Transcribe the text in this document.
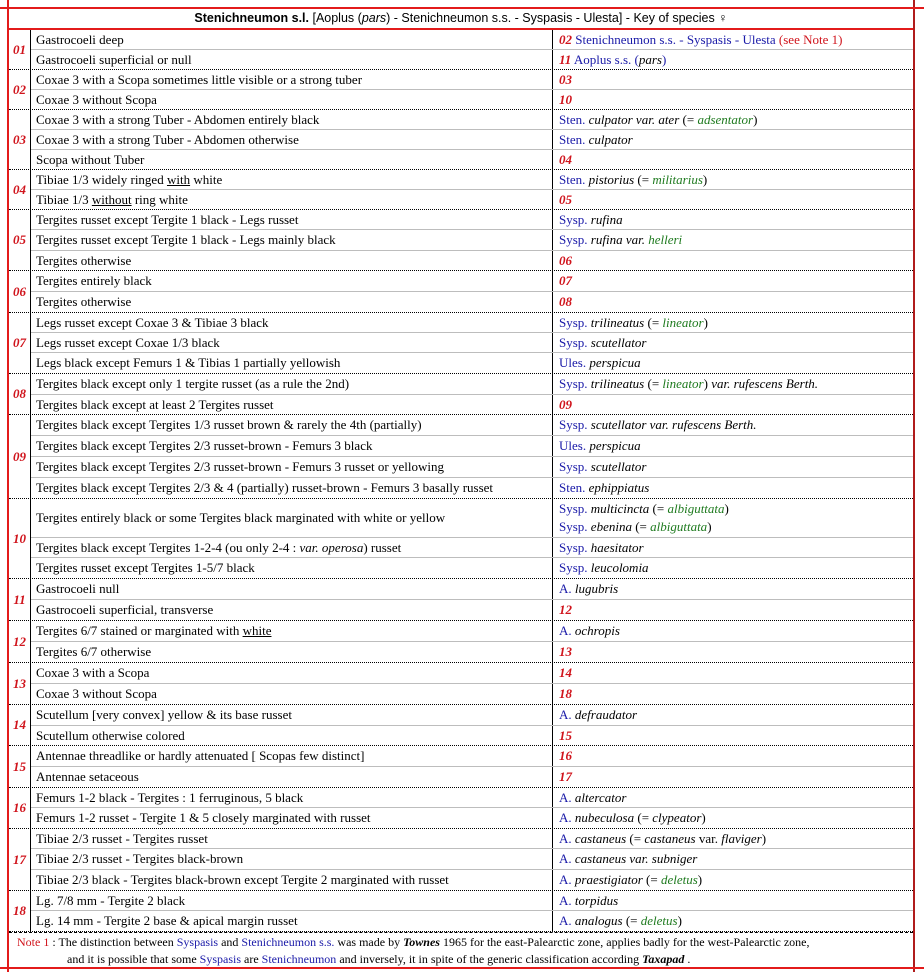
Stenichneumon s.l. [Aoplus (pars) - Stenichneumon s.s. - Syspasis - Ulesta] - Key of species ♀
01
Gastrocoeli deep	02 Stenichneumon s.s. - Syspasis - Ulesta (see Note 1)
Gastrocoeli superficial or null	11 Aoplus s.s. (pars)
02
Coxae 3 with a Scopa sometimes little visible or a strong tuber	03
Coxae 3 without Scopa	10
03
Coxae 3 with a strong Tuber - Abdomen entirely black	Sten. culpator var. ater (= adsentator)
Coxae 3 with a strong Tuber - Abdomen otherwise	Sten. culpator
Scopa without Tuber	04
04
Tibiae 1/3 widely ringed with white	Sten. pistorius (= militarius)
Tibiae 1/3 without ring white	05
05
Tergites russet except Tergite 1 black - Legs russet	Sysp. rufina
Tergites russet except Tergite 1 black - Legs mainly black	Sysp. rufina var. helleri
Tergites otherwise	06
06
Tergites entirely black	07
Tergites otherwise	08
07
Legs russet except Coxae 3 & Tibiae 3 black	Sysp. trilineatus (= lineator)
Legs russet except Coxae 1/3 black	Sysp. scutellator
Legs black except Femurs 1 & Tibias 1 partially yellowish	Ules. perspicua
08
Tergites black except only 1 tergite russet (as a rule the 2nd)	Sysp. trilineatus (= lineator) var. rufescens Berth.
Tergites black except at least 2 Tergites russet	09
09
Tergites black except Tergites 1/3 russet brown & rarely the 4th (partially)	Sysp. scutellator var. rufescens Berth.
Tergites black except Tergites 2/3 russet-brown - Femurs 3 black	Ules. perspicua
Tergites black except Tergites 2/3 russet-brown - Femurs 3 russet or yellowing	Sysp. scutellator
Tergites black except Tergites 2/3 & 4 (partially) russet-brown - Femurs 3 basally russet	Sten. ephippiatus
10
Tergites entirely black or some Tergites black marginated with white or yellow
Sysp. multicincta (= albiguttata)
Sysp. ebenina (= albiguttata)
Tergites black except Tergites 1-2-4 (ou only 2-4 : var. operosa) russet	Sysp. haesitator
Tergites russet except Tergites 1-5/7 black	Sysp. leucolomia
11
Gastrocoeli null	A. lugubris
Gastrocoeli superficial, transverse	12
12
Tergites 6/7 stained or marginated with white	A. ochropis
Tergites 6/7 otherwise	13
13
Coxae 3 with a Scopa	14
Coxae 3 without Scopa	18
14
Scutellum [very convex] yellow & its base russet	A. defraudator
Scutellum otherwise colored	15
15
Antennae threadlike or hardly attenuated [ Scopas few distinct]	16
Antennae setaceous	17
16
Femurs 1-2 black - Tergites : 1 ferruginous, 5 black	A. altercator
Femurs 1-2 russet - Tergite 1 & 5 closely marginated with russet	A. nubeculosa (= clypeator)
17
Tibiae 2/3 russet - Tergites russet	A. castaneus (= castaneus var. flaviger)
Tibiae 2/3 russet - Tergites black-brown	A. castaneus var. subniger
Tibiae 2/3 black - Tergites black-brown except Tergite 2 marginated with russet	A. praestigiator (= deletus)
18
Lg. 7/8 mm - Tergite 2 black	A. torpidus
Lg. 14 mm - Tergite 2 base & apical margin russet	A. analogus (= deletus)
Note 1 : The distinction between Syspasis and Stenichneumon s.s. was made by Townes 1965 for the east-Palearctic zone, applies badly for the west-Palearctic zone,
and it is possible that some Syspasis are Stenichneumon and inversely, it in spite of the generic classification according Taxapad .
